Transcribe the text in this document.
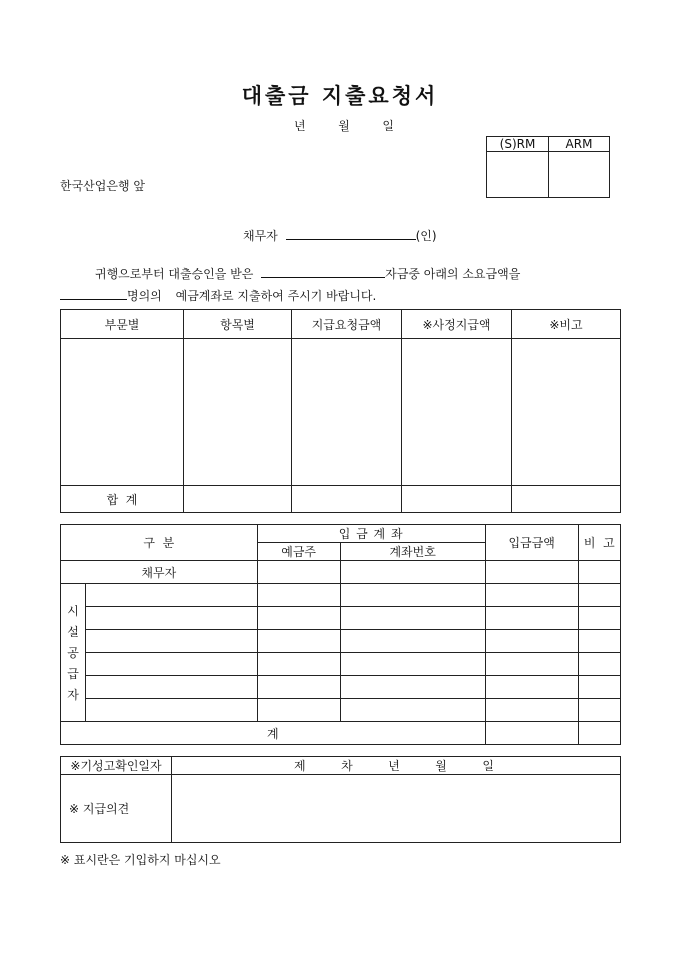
대출금 지출요청서
년	월	일
(S)RM	ARM

한국산업은행 앞
채무자	(인)
귀행으로부터 대출승인을 받은	자금중 아래의 소요금액을
명의의 예금계좌로 지출하여 주시기 바랍니다.
부문별	항목별	지급요청금액	※사정지급액	※비고

합  계				
구  분		입 금 계 좌		입금금액	비  고
		예금주	계좌번호		
채무자					

시
설
공
급
자					

계					
※기성고확인일자	제 차 년 월 일

※ 지급의견	
※ 표시란은 기입하지 마십시오
